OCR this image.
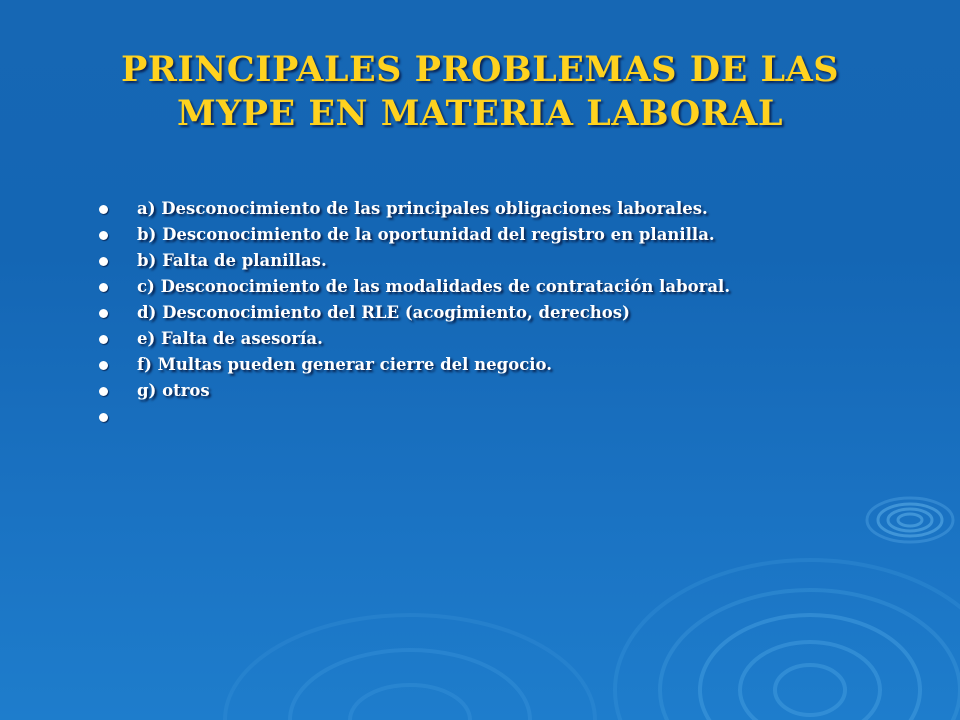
PRINCIPALES PROBLEMAS DE LAS
MYPE EN MATERIA LABORAL
a) Desconocimiento de las principales obligaciones laborales.
b) Desconocimiento de la oportunidad del registro en planilla.
b) Falta de planillas.
c) Desconocimiento de las modalidades de contratación laboral.
d) Desconocimiento del RLE (acogimiento, derechos)
e) Falta de asesoría.
f) Multas pueden generar cierre del negocio.
g) otros
